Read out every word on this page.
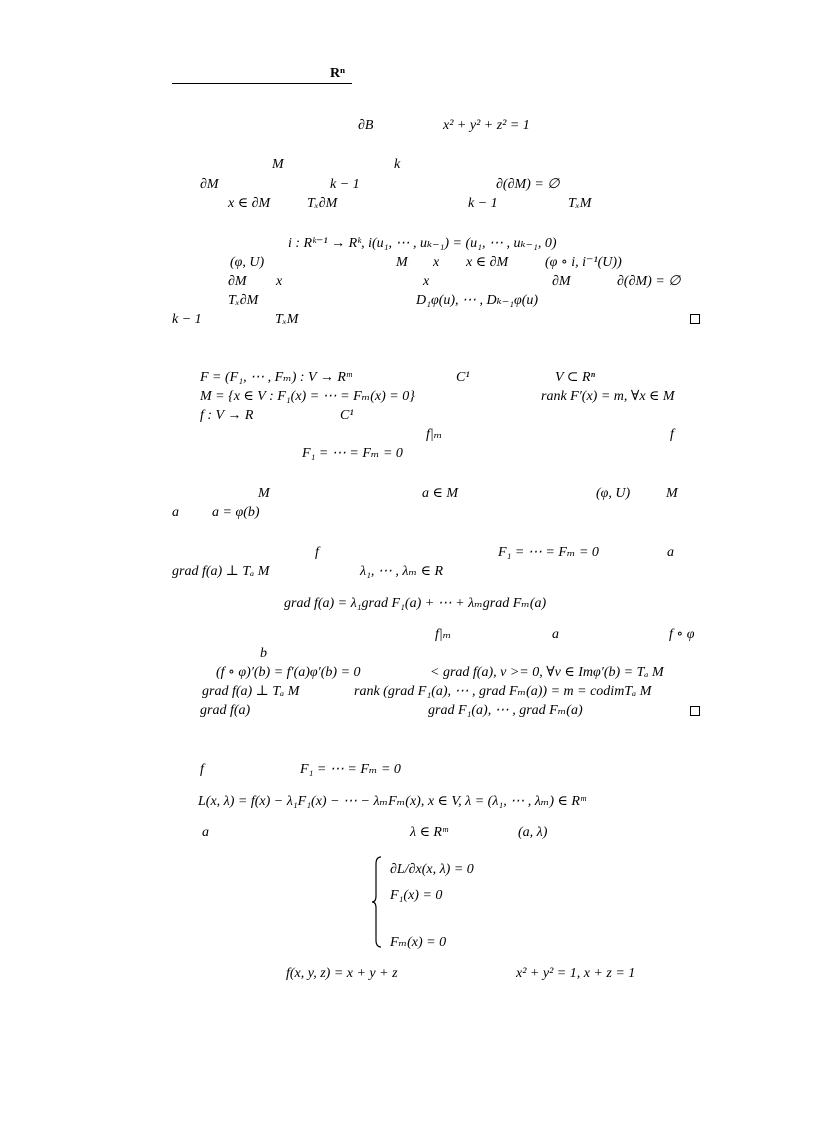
Rⁿ
∂B	x² + y² + z² = 1
M	k
∂M	k − 1	∂(∂M) = ∅
x ∈ ∂M	Tₓ∂M	k − 1	TₓM
i : Rᵏ⁻¹ → Rᵏ, i(u₁, ⋯ , uₖ₋₁) = (u₁, ⋯ , uₖ₋₁, 0)
(φ, U)	M x x ∈ ∂M	(φ ∘ i, i⁻¹(U))
∂M x	x	∂M	∂(∂M) = ∅
Tₓ∂M	D₁φ(u), ⋯ , Dₖ₋₁φ(u)
k − 1	TₓM
F = (F₁, ⋯ , Fₘ) : V → Rᵐ	C¹	V ⊂ Rⁿ
M = {x ∈ V : F₁(x) = ⋯ = Fₘ(x) = 0}	rank F′(x) = m, ∀x ∈ M
f : V → R	C¹
f|ₘ	f
F₁ = ⋯ = Fₘ = 0
M	a ∈ M	(φ, U)	M
a a = φ(b)
f	F₁ = ⋯ = Fₘ = 0	a
grad f(a) ⊥ Tₐ M	λ₁, ⋯ , λₘ ∈ R
grad f(a) = λ₁grad F₁(a) + ⋯ + λₘgrad Fₘ(a)
f|ₘ	a	f ∘ φ
b
(f ∘ φ)′(b) = f′(a)φ′(b) = 0	< grad f(a), v >= 0, ∀v ∈ Imφ′(b) = Tₐ M
grad f(a) ⊥ Tₐ M	rank (grad F₁(a), ⋯ , grad Fₘ(a)) = m = codimTₐ M
grad f(a)	grad F₁(a), ⋯ , grad Fₘ(a)
f	F₁ = ⋯ = Fₘ = 0
L(x, λ) = f(x) − λ₁F₁(x) − ⋯ − λₘFₘ(x), x ∈ V, λ = (λ₁, ⋯ , λₘ) ∈ Rᵐ
a	λ ∈ Rᵐ	(a, λ)
∂L/∂x(x, λ) = 0
F₁(x) = 0
Fₘ(x) = 0
f(x, y, z) = x + y + z	x² + y² = 1, x + z = 1
